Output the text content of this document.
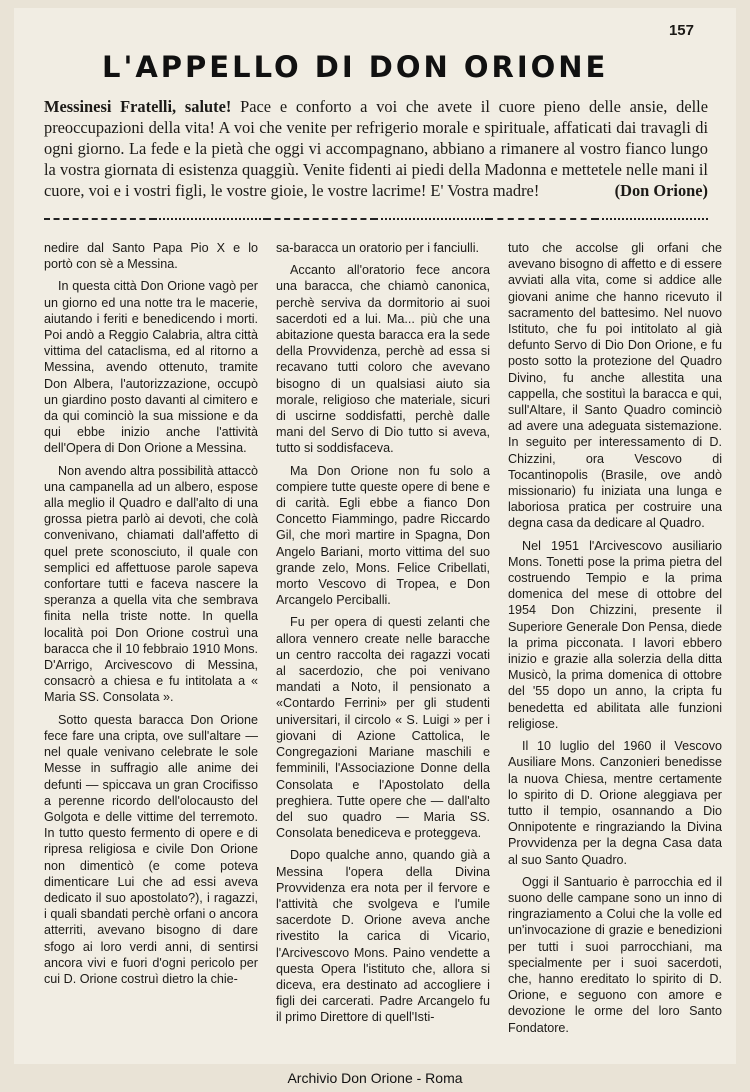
157
L'APPELLO DI DON ORIONE
Messinesi Fratelli, salute! Pace e conforto a voi che avete il cuore pieno delle ansie, delle preoccupazioni della vita! A voi che venite per refrigerio morale e spirituale, affaticati dai travagli di ogni giorno. La fede e la pietà che oggi vi accompagnano, abbiano a rimanere al vostro fianco lungo la vostra giornata di esistenza quaggiù. Venite fidenti ai piedi della Madonna e mettetele nelle mani il cuore, voi e i vostri figli, le vostre gioie, le vostre lacrime! E' Vostra madre!	(Don Orione)

nedire dal Santo Papa Pio X e lo portò con sè a Messina.

In questa città Don Orione vagò per un giorno ed una notte tra le macerie, aiutando i feriti e benedicendo i morti. Poi andò a Reggio Calabria, altra città vittima del cataclisma, ed al ritorno a Messina, avendo ottenuto, tramite Don Albera, l'autorizzazione, occupò un giardino posto davanti al cimitero e da qui cominciò la sua missione e da qui ebbe inizio anche l'attività dell'Opera di Don Orione a Messina.

Non avendo altra possibilità attaccò una campanella ad un albero, espose alla meglio il Quadro e dall'alto di una grossa pietra parlò ai devoti, che colà convenivano, chiamati dall'affetto di quel prete sconosciuto, il quale con semplici ed affettuose parole sapeva confortare tutti e faceva nascere la speranza a quella vita che sembrava finita nella triste notte. In quella località poi Don Orione costruì una baracca che il 10 febbraio 1910 Mons. D'Arrigo, Arcivescovo di Messina, consacrò a chiesa e fu intitolata a « Maria SS. Consolata ».

Sotto questa baracca Don Orione fece fare una cripta, ove sull'altare — nel quale venivano celebrate le sole Messe in suffragio alle anime dei defunti — spiccava un gran Crocifisso a perenne ricordo dell'olocausto del Golgota e delle vittime del terremoto. In tutto questo fermento di opere e di ripresa religiosa e civile Don Orione non dimenticò (e come poteva dimenticare Lui che ad essi aveva dedicato il suo apostolato?), i ragazzi, i quali sbandati perchè orfani o ancora atterriti, avevano bisogno di dare sfogo ai loro verdi anni, di sentirsi ancora vivi e fuori d'ogni pericolo per cui D. Orione costruì dietro la chie-

sa-baracca un oratorio per i fanciulli.

Accanto all'oratorio fece ancora una baracca, che chiamò canonica, perchè serviva da dormitorio ai suoi sacerdoti ed a lui. Ma... più che una abitazione questa baracca era la sede della Provvidenza, perchè ad essa si recavano tutti coloro che avevano bisogno di un qualsiasi aiuto sia morale, religioso che materiale, sicuri di uscirne soddisfatti, perchè dalle mani del Servo di Dio tutto si aveva, tutto si soddisfaceva.

Ma Don Orione non fu solo a compiere tutte queste opere di bene e di carità. Egli ebbe a fianco Don Concetto Fiammingo, padre Riccardo Gil, che morì martire in Spagna, Don Angelo Bariani, morto vittima del suo grande zelo, Mons. Felice Cribellati, morto Vescovo di Tropea, e Don Arcangelo Perciballi.

Fu per opera di questi zelanti che allora vennero create nelle baracche un centro raccolta dei ragazzi vocati al sacerdozio, che poi venivano mandati a Noto, il pensionato a «Contardo Ferrini» per gli studenti universitari, il circolo « S. Luigi » per i giovani di Azione Cattolica, le Congregazioni Mariane maschili e femminili, l'Associazione Donne della Consolata e l'Apostolato della preghiera. Tutte opere che — dall'alto del suo quadro — Maria SS. Consolata benediceva e proteggeva.

Dopo qualche anno, quando già a Messina l'opera della Divina Provvidenza era nota per il fervore e l'attività che svolgeva e l'umile sacerdote D. Orione aveva anche rivestito la carica di Vicario, l'Arcivescovo Mons. Paino vendette a questa Opera l'istituto che, allora si diceva, era destinato ad accogliere i figli dei carcerati. Padre Arcangelo fu il primo Direttore di quell'Isti-

tuto che accolse gli orfani che avevano bisogno di affetto e di essere avviati alla vita, come si addice alle giovani anime che hanno ricevuto il sacramento del battesimo. Nel nuovo Istituto, che fu poi intitolato al già defunto Servo di Dio Don Orione, e fu posto sotto la protezione del Quadro Divino, fu anche allestita una cappella, che sostituì la baracca e qui, sull'Altare, il Santo Quadro cominciò ad avere una adeguata sistemazione. In seguito per interessamento di D. Chizzini, ora Vescovo di Tocantinopolis (Brasile, ove andò missionario) fu iniziata una lunga e laboriosa pratica per costruire una degna casa da dedicare al Quadro.

Nel 1951 l'Arcivescovo ausiliario Mons. Tonetti pose la prima pietra del costruendo Tempio e la prima domenica del mese di ottobre del 1954 Don Chizzini, presente il Superiore Generale Don Pensa, diede la prima picconata. I lavori ebbero inizio e grazie alla solerzia della ditta Musicò, la prima domenica di ottobre del '55 dopo un anno, la cripta fu benedetta ed abilitata alle funzioni religiose.

Il 10 luglio del 1960 il Vescovo Ausiliare Mons. Canzonieri benedisse la nuova Chiesa, mentre certamente lo spirito di D. Orione aleggiava per tutto il tempio, osannando a Dio Onnipotente e ringraziando la Divina Provvidenza per la degna Casa data al suo Santo Quadro.

Oggi il Santuario è parrocchia ed il suono delle campane sono un inno di ringraziamento a Colui che la volle ed un'invocazione di grazie e benedizioni per tutti i suoi parrocchiani, ma specialmente per i suoi sacerdoti, che, hanno ereditato lo spirito di D. Orione, e seguono con amore e devozione le orme del loro Santo Fondatore.

Archivio Don Orione - Roma
